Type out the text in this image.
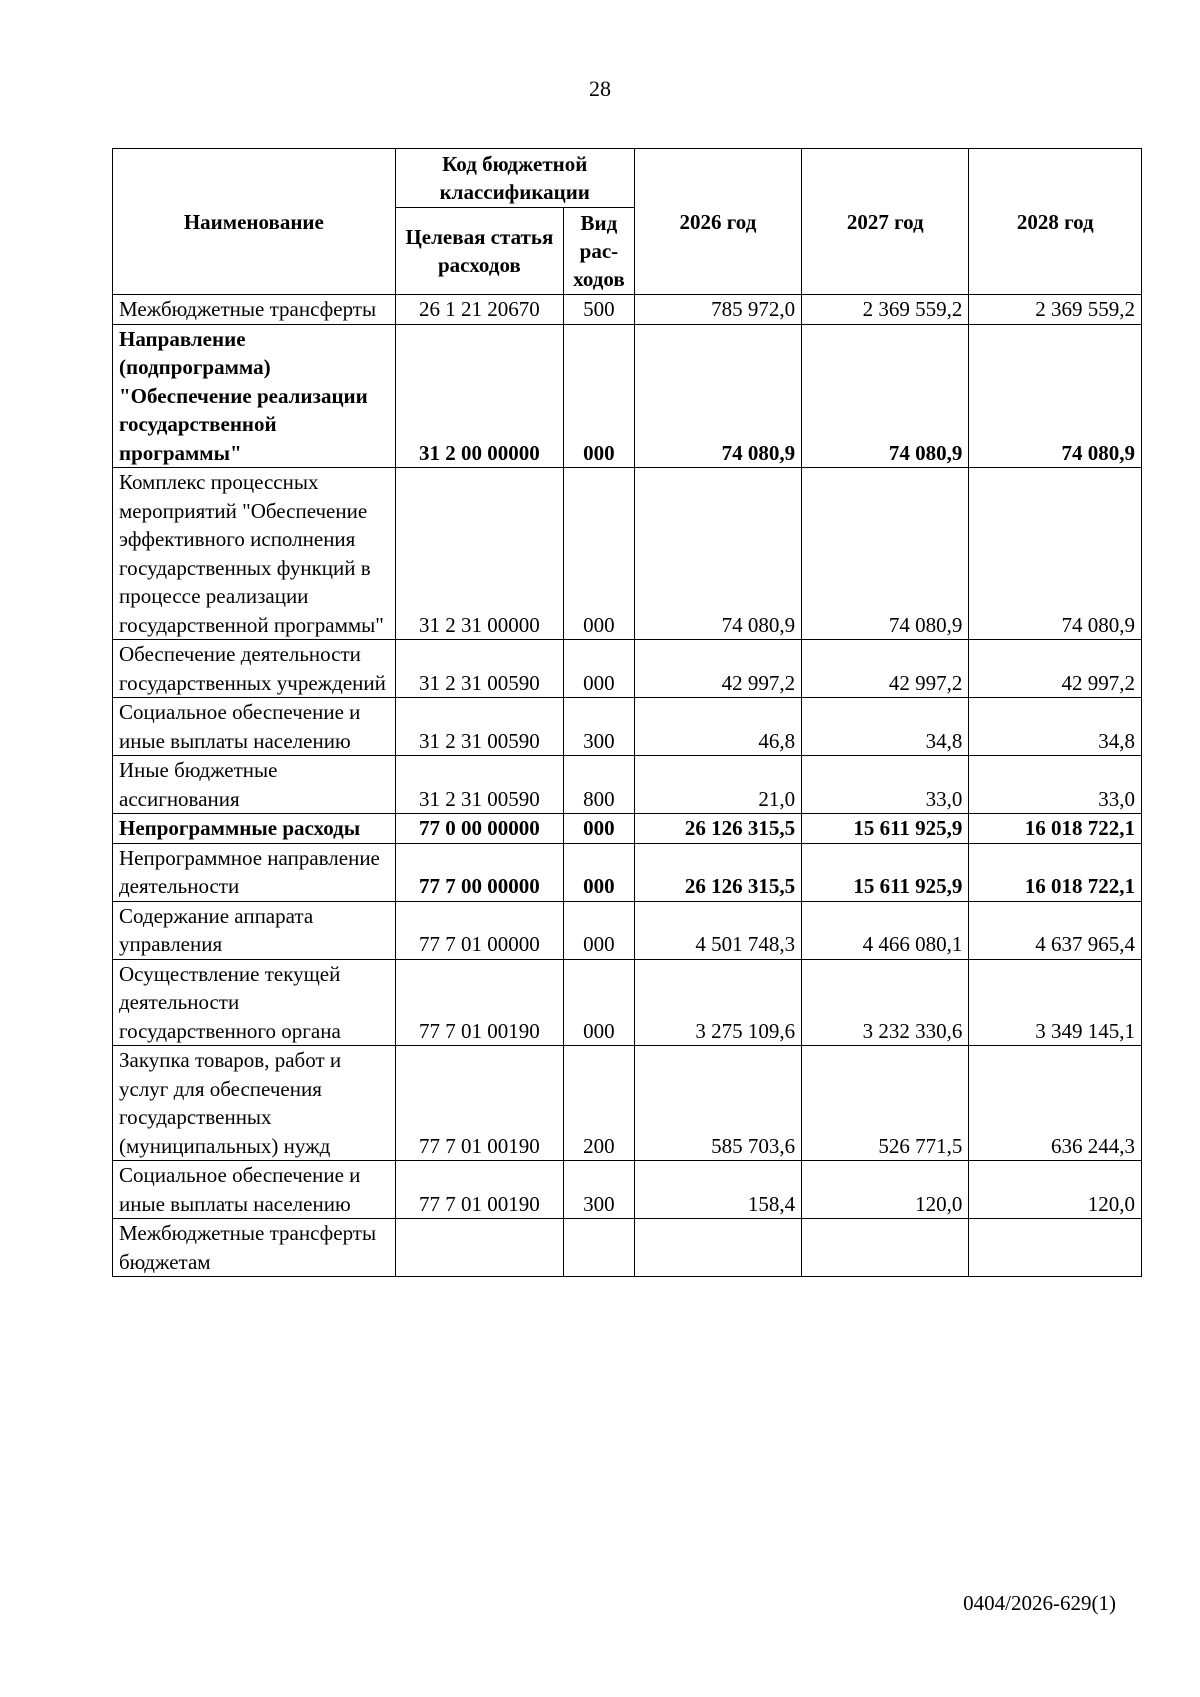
28
Наименование	Код бюджетной классификации		2026 год	2027 год	2028 год
	Целевая статья расходов	Вид рас-ходов			
Межбюджетные трансферты	26 1 21 20670	500	785 972,0	2 369 559,2	2 369 559,2
Направление (подпрограмма) "Обеспечение реализации государственной программы"	31 2 00 00000	000	74 080,9	74 080,9	74 080,9
Комплекс процессных мероприятий "Обеспечение эффективного исполнения государственных функций в процессе реализации государственной программы"	31 2 31 00000	000	74 080,9	74 080,9	74 080,9
Обеспечение деятельности государственных учреждений	31 2 31 00590	000	42 997,2	42 997,2	42 997,2
Социальное обеспечение и иные выплаты населению	31 2 31 00590	300	46,8	34,8	34,8
Иные бюджетные ассигнования	31 2 31 00590	800	21,0	33,0	33,0
Непрограммные расходы	77 0 00 00000	000	26 126 315,5	15 611 925,9	16 018 722,1
Непрограммное направление деятельности	77 7 00 00000	000	26 126 315,5	15 611 925,9	16 018 722,1
Содержание аппарата управления	77 7 01 00000	000	4 501 748,3	4 466 080,1	4 637 965,4
Осуществление текущей деятельности государственного органа	77 7 01 00190	000	3 275 109,6	3 232 330,6	3 349 145,1
Закупка товаров, работ и услуг для обеспечения государственных (муниципальных) нужд	77 7 01 00190	200	585 703,6	526 771,5	636 244,3
Социальное обеспечение и иные выплаты населению	77 7 01 00190	300	158,4	120,0	120,0
Межбюджетные трансферты бюджетам					
0404/2026-629(1)
